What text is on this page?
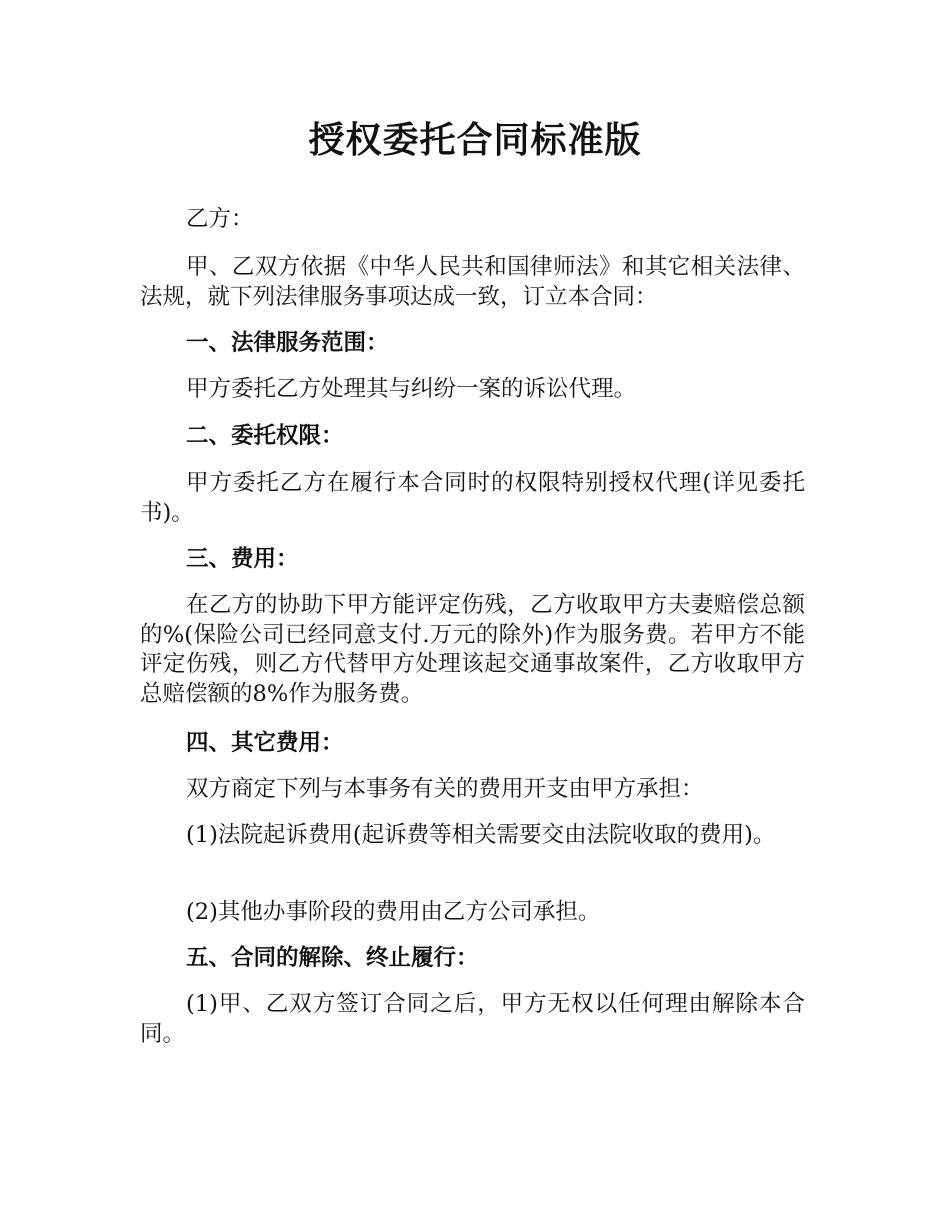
授权委托合同标准版

乙方：

甲、乙双方依据《中华人民共和国律师法》和其它相关法律、法规，就下列法律服务事项达成一致，订立本合同：

一、法律服务范围：

甲方委托乙方处理其与纠纷一案的诉讼代理。

二、委托权限：

甲方委托乙方在履行本合同时的权限特别授权代理(详见委托书)。

三、费用：

在乙方的协助下甲方能评定伤残，乙方收取甲方夫妻赔偿总额的%(保险公司已经同意支付.万元的除外)作为服务费。若甲方不能评定伤残，则乙方代替甲方处理该起交通事故案件，乙方收取甲方总赔偿额的8%作为服务费。

四、其它费用：

双方商定下列与本事务有关的费用开支由甲方承担：

(1)法院起诉费用(起诉费等相关需要交由法院收取的费用)。

(2)其他办事阶段的费用由乙方公司承担。

五、合同的解除、终止履行：

(1)甲、乙双方签订合同之后，甲方无权以任何理由解除本合同。
